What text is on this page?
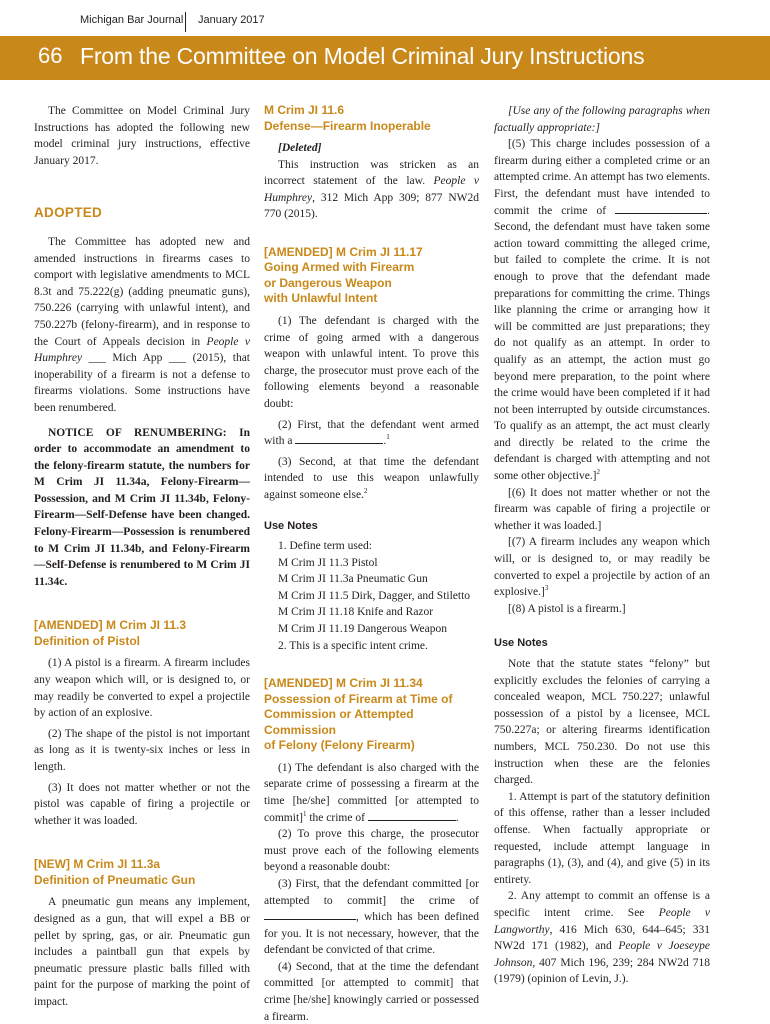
Michigan Bar Journal January 2017
66 From the Committee on Model Criminal Jury Instructions

The Committee on Model Criminal Jury Instructions has adopted the following new model criminal jury instructions, effective January 2017.

ADOPTED

The Committee has adopted new and amended instructions in firearms cases to comport with legislative amendments to MCL 8.3t and 75.222(g) (adding pneumatic guns), 750.226 (carrying with unlawful intent), and 750.227b (felony-firearm), and in response to the Court of Appeals decision in People v Humphrey ___ Mich App ___ (2015), that inoperability of a firearm is not a defense to firearms violations. Some instructions have been renumbered.

NOTICE OF RENUMBERING: In order to accommodate an amendment to the felony-firearm statute, the numbers for M Crim JI 11.34a, Felony-Firearm—Possession, and M Crim JI 11.34b, Felony-Firearm—Self-Defense have been changed. Felony-Firearm—Possession is renumbered to M Crim JI 11.34b, and Felony-Firearm—Self-Defense is renumbered to M Crim JI 11.34c.

[AMENDED] M Crim JI 11.3
Definition of Pistol

(1) A pistol is a firearm. A firearm includes any weapon which will, or is designed to, or may readily be converted to expel a projectile by action of an explosive.

(2) The shape of the pistol is not important as long as it is twenty-six inches or less in length.

(3) It does not matter whether or not the pistol was capable of firing a projectile or whether it was loaded.

[NEW] M Crim JI 11.3a
Definition of Pneumatic Gun

A pneumatic gun means any implement, designed as a gun, that will expel a BB or pellet by spring, gas, or air. Pneumatic gun includes a paintball gun that expels by pneumatic pressure plastic balls filled with paint for the purpose of marking the point of impact.

M Crim JI 11.6
Defense—Firearm Inoperable

[Deleted]

This instruction was stricken as an incorrect statement of the law. People v Humphrey, 312 Mich App 309; 877 NW2d 770 (2015).

[AMENDED] M Crim JI 11.17
Going Armed with Firearm
or Dangerous Weapon
with Unlawful Intent

(1) The defendant is charged with the crime of going armed with a dangerous weapon with unlawful intent. To prove this charge, the prosecutor must prove each of the following elements beyond a reasonable doubt:

(2) First, that the defendant went armed with a	.$^1$

(3) Second, at that time the defendant intended to use this weapon unlawfully against someone else.$^2$

Use Notes
1. Define term used:
M Crim JI 11.3 Pistol
M Crim JI 11.3a Pneumatic Gun
M Crim JI 11.5 Dirk, Dagger, and Stiletto
M Crim JI 11.18 Knife and Razor
M Crim JI 11.19 Dangerous Weapon
2. This is a specific intent crime.
[AMENDED] M Crim JI 11.34
Possession of Firearm at Time of
Commission or Attempted Commission
of Felony (Felony Firearm)

(1) The defendant is also charged with the separate crime of possessing a firearm at the time [he/she] committed [or attempted to commit]$^1$ the crime of	.

(2) To prove this charge, the prosecutor must prove each of the following elements beyond a reasonable doubt:

(3) First, that the defendant committed [or attempted to commit] the crime of , which has been defined for you. It is not necessary, however, that the defendant be convicted of that crime.

(4) Second, that at the time the defendant committed [or attempted to commit] that crime [he/she] knowingly carried or possessed a firearm.

[Use any of the following paragraphs when factually appropriate:]

[(5) This charge includes possession of a firearm during either a completed crime or an attempted crime. An attempt has two elements. First, the defendant must have intended to commit the crime of	. Second, the defendant must have taken some action toward committing the alleged crime, but failed to complete the crime. It is not enough to prove that the defendant made preparations for committing the crime. Things like planning the crime or arranging how it will be committed are just preparations; they do not qualify as an attempt. In order to qualify as an attempt, the action must go beyond mere preparation, to the point where the crime would have been completed if it had not been interrupted by outside circumstances. To qualify as an attempt, the act must clearly and directly be related to the crime the defendant is charged with attempting and not some other objective.]$^2$

[(6) It does not matter whether or not the firearm was capable of firing a projectile or whether it was loaded.]

[(7) A firearm includes any weapon which will, or is designed to, or may readily be converted to expel a projectile by action of an explosive.]$^3$

[(8) A pistol is a firearm.]

Use Notes

Note that the statute states “felony” but explicitly excludes the felonies of carrying a concealed weapon, MCL 750.227; unlawful possession of a pistol by a licensee, MCL 750.227a; or altering firearms identification numbers, MCL 750.230. Do not use this instruction when these are the felonies charged.

1. Attempt is part of the statutory definition of this offense, rather than a lesser included offense. When factually appropriate or requested, include attempt language in paragraphs (1), (3), and (4), and give (5) in its entirety.

2. Any attempt to commit an offense is a specific intent crime. See People v Langworthy, 416 Mich 630, 644–645; 331 NW2d 171 (1982), and People v Joeseype Johnson, 407 Mich 196, 239; 284 NW2d 718 (1979) (opinion of Levin, J.).
